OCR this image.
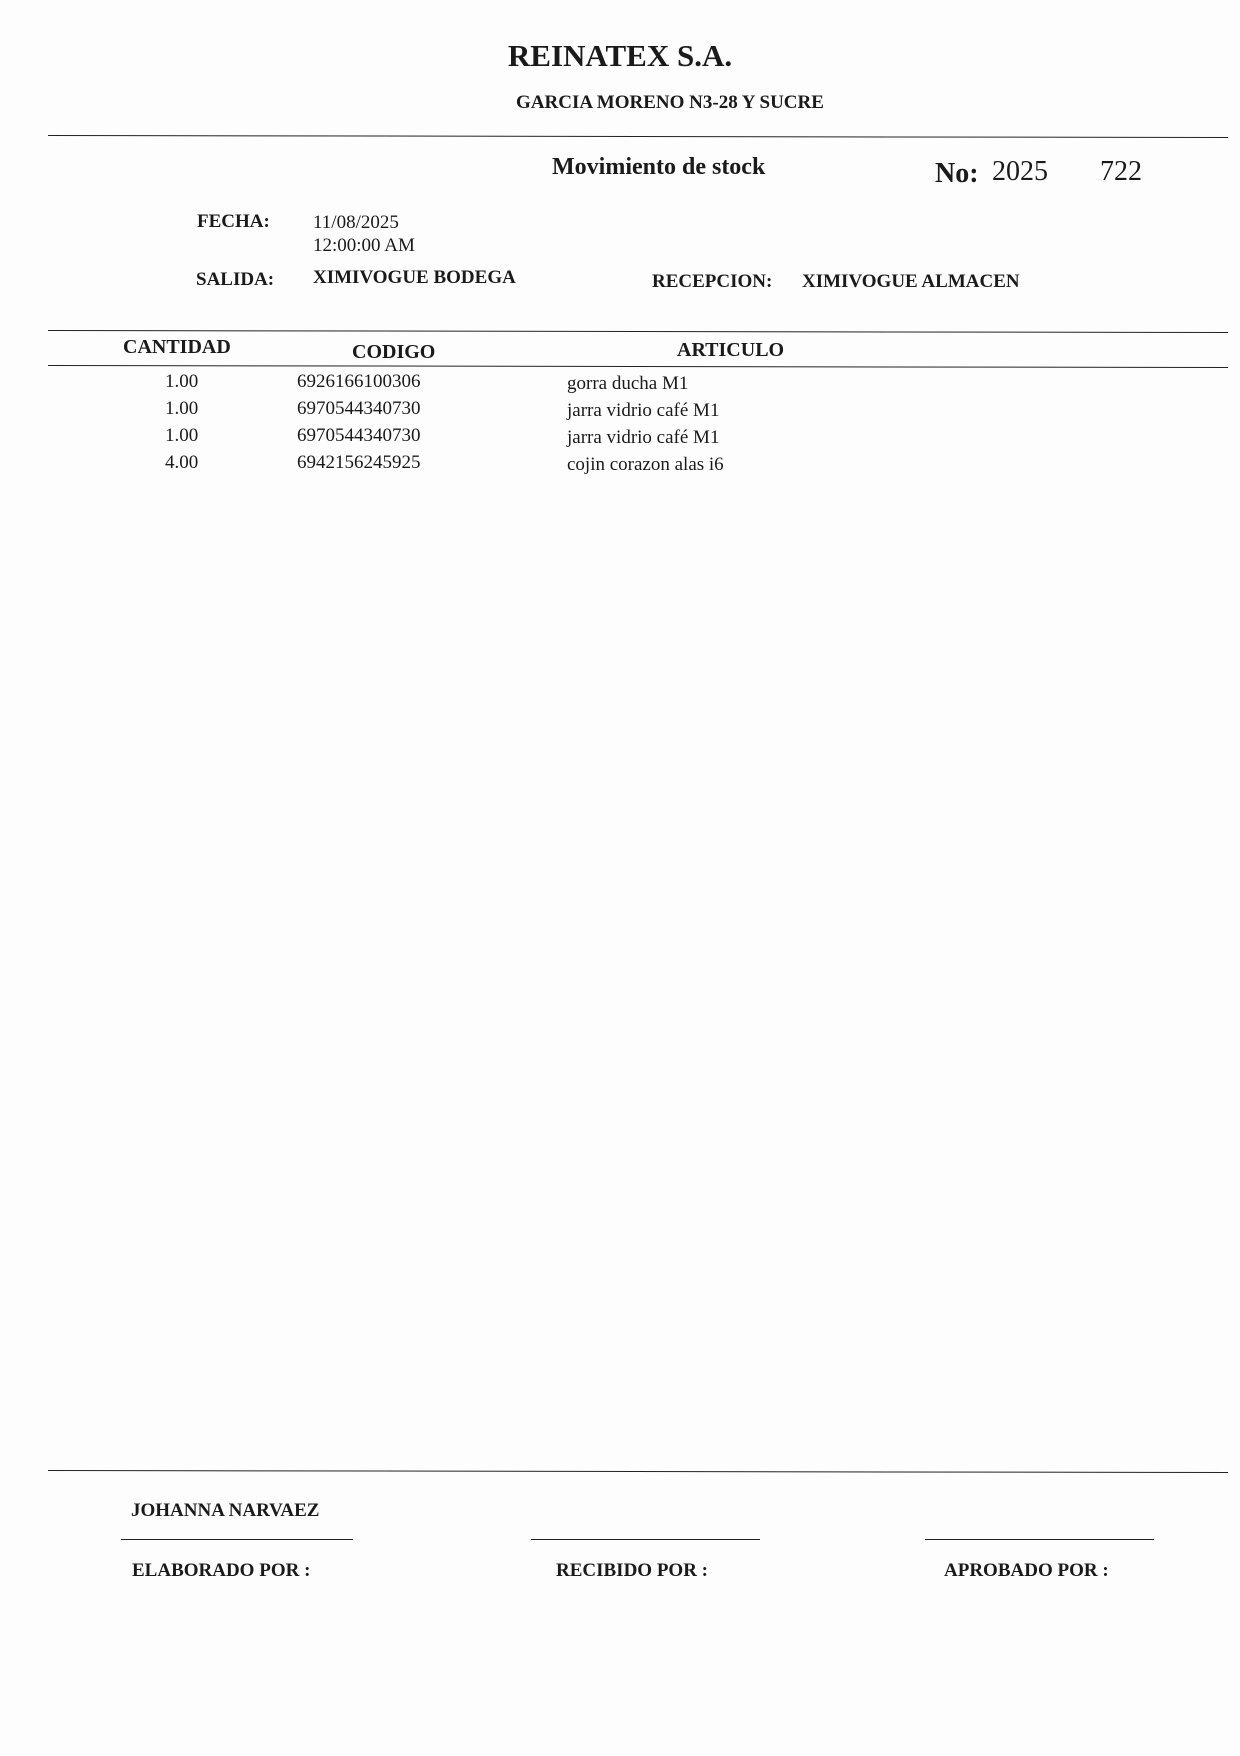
REINATEX S.A.
GARCIA MORENO N3-28 Y SUCRE
Movimiento de stock	No: 2025 722
FECHA: 11/08/2025
12:00:00 AM
SALIDA: XIMIVOGUE BODEGA	RECEPCION: XIMIVOGUE ALMACEN
CANTIDAD	CODIGO	ARTICULO
1.00	6926166100306	gorra ducha M1
1.00	6970544340730	jarra vidrio café M1
1.00	6970544340730	jarra vidrio café M1
4.00	6942156245925	cojin corazon alas i6
JOHANNA NARVAEZ
ELABORADO POR :	RECIBIDO POR :	APROBADO POR :
